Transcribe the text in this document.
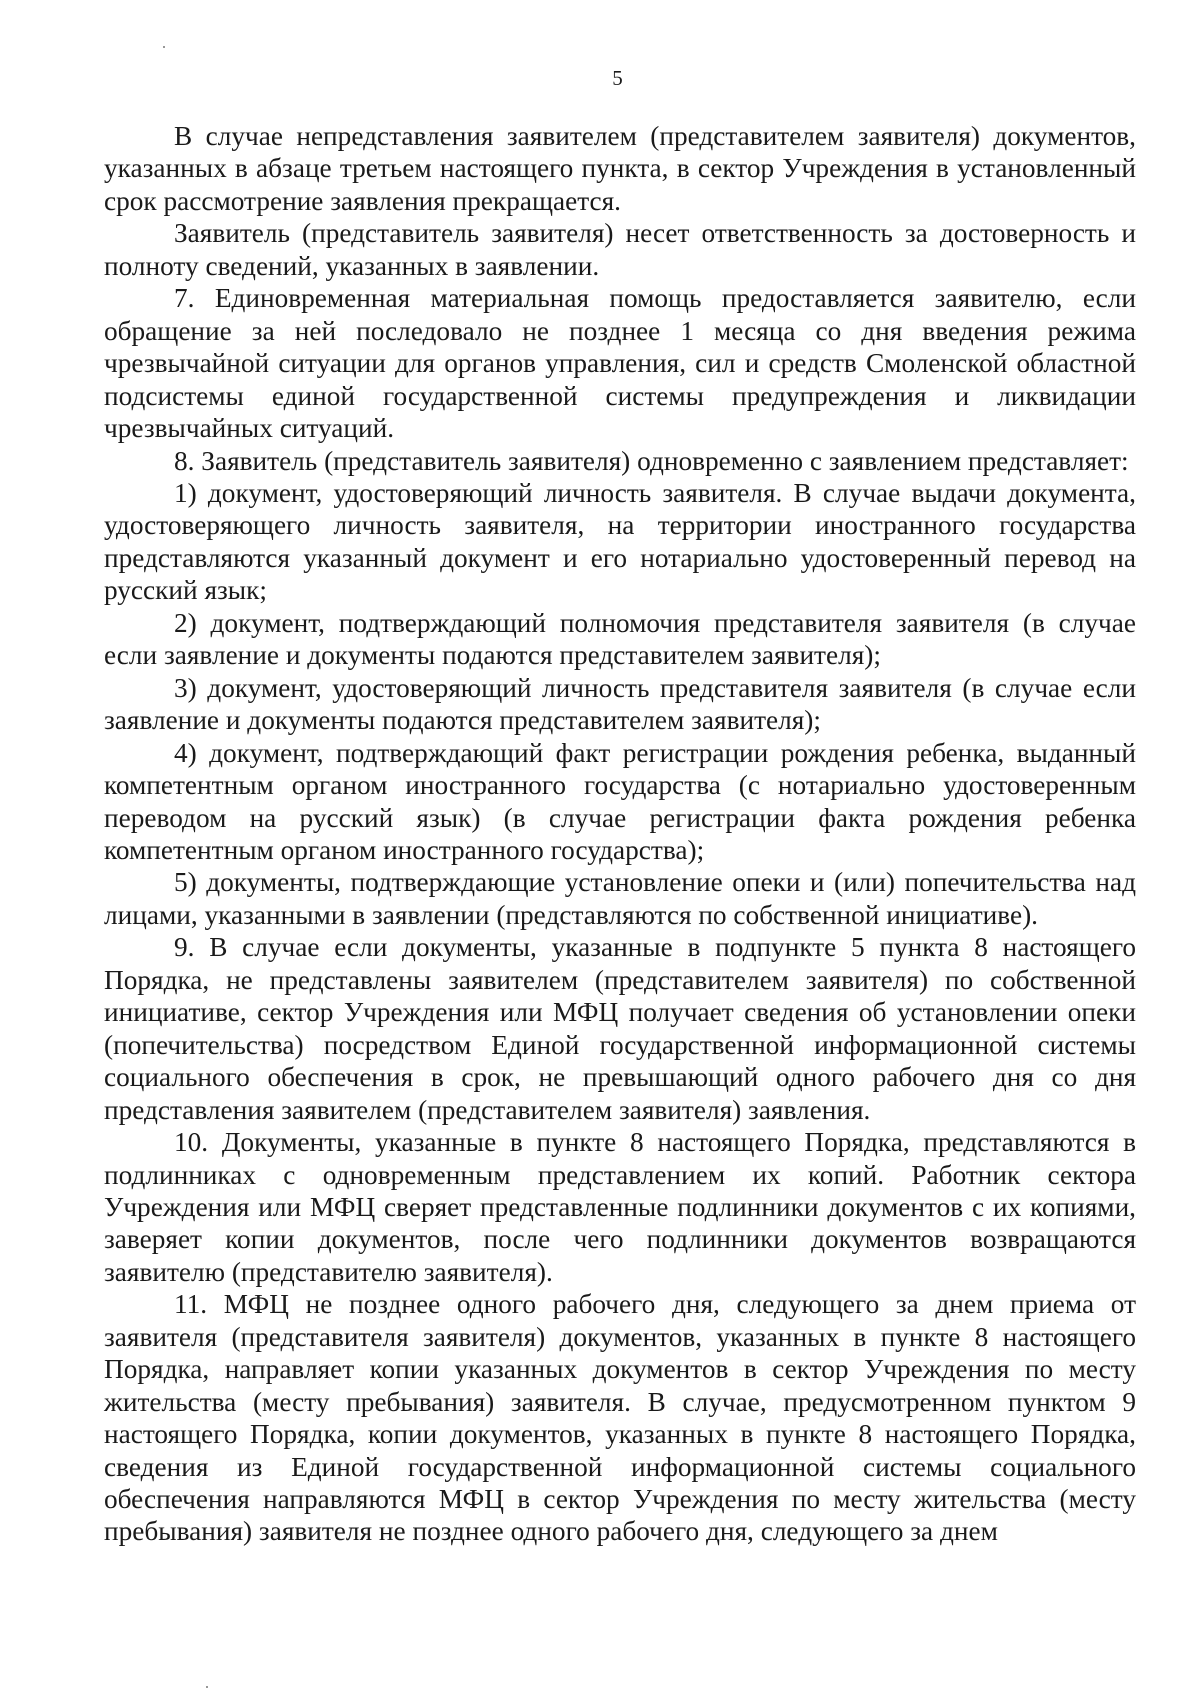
5

В случае непредставления заявителем (представителем заявителя) документов, указанных в абзаце третьем настоящего пункта, в сектор Учреждения в установленный срок рассмотрение заявления прекращается.

Заявитель (представитель заявителя) несет ответственность за достоверность и полноту сведений, указанных в заявлении.

7. Единовременная материальная помощь предоставляется заявителю, если обращение за ней последовало не позднее 1 месяца со дня введения режима чрезвычайной ситуации для органов управления, сил и средств Смоленской областной подсистемы единой государственной системы предупреждения и ликвидации чрезвычайных ситуаций.

8. Заявитель (представитель заявителя) одновременно с заявлением представляет:

1) документ, удостоверяющий личность заявителя. В случае выдачи документа, удостоверяющего личность заявителя, на территории иностранного государства представляются указанный документ и его нотариально удостоверенный перевод на русский язык;

2) документ, подтверждающий полномочия представителя заявителя (в случае если заявление и документы подаются представителем заявителя);

3) документ, удостоверяющий личность представителя заявителя (в случае если заявление и документы подаются представителем заявителя);

4) документ, подтверждающий факт регистрации рождения ребенка, выданный компетентным органом иностранного государства (с нотариально удостоверенным переводом на русский язык) (в случае регистрации факта рождения ребенка компетентным органом иностранного государства);

5) документы, подтверждающие установление опеки и (или) попечительства над лицами, указанными в заявлении (представляются по собственной инициативе).

9. В случае если документы, указанные в подпункте 5 пункта 8 настоящего Порядка, не представлены заявителем (представителем заявителя) по собственной инициативе, сектор Учреждения или МФЦ получает сведения об установлении опеки (попечительства) посредством Единой государственной информационной системы социального обеспечения в срок, не превышающий одного рабочего дня со дня представления заявителем (представителем заявителя) заявления.

10. Документы, указанные в пункте 8 настоящего Порядка, представляются в подлинниках с одновременным представлением их копий. Работник сектора Учреждения или МФЦ сверяет представленные подлинники документов с их копиями, заверяет копии документов, после чего подлинники документов возвращаются заявителю (представителю заявителя).

11. МФЦ не позднее одного рабочего дня, следующего за днем приема от заявителя (представителя заявителя) документов, указанных в пункте 8 настоящего Порядка, направляет копии указанных документов в сектор Учреждения по месту жительства (месту пребывания) заявителя. В случае, предусмотренном пунктом 9 настоящего Порядка, копии документов, указанных в пункте 8 настоящего Порядка, сведения из Единой государственной информационной системы социального обеспечения направляются МФЦ в сектор Учреждения по месту жительства (месту пребывания) заявителя не позднее одного рабочего дня, следующего за днем
